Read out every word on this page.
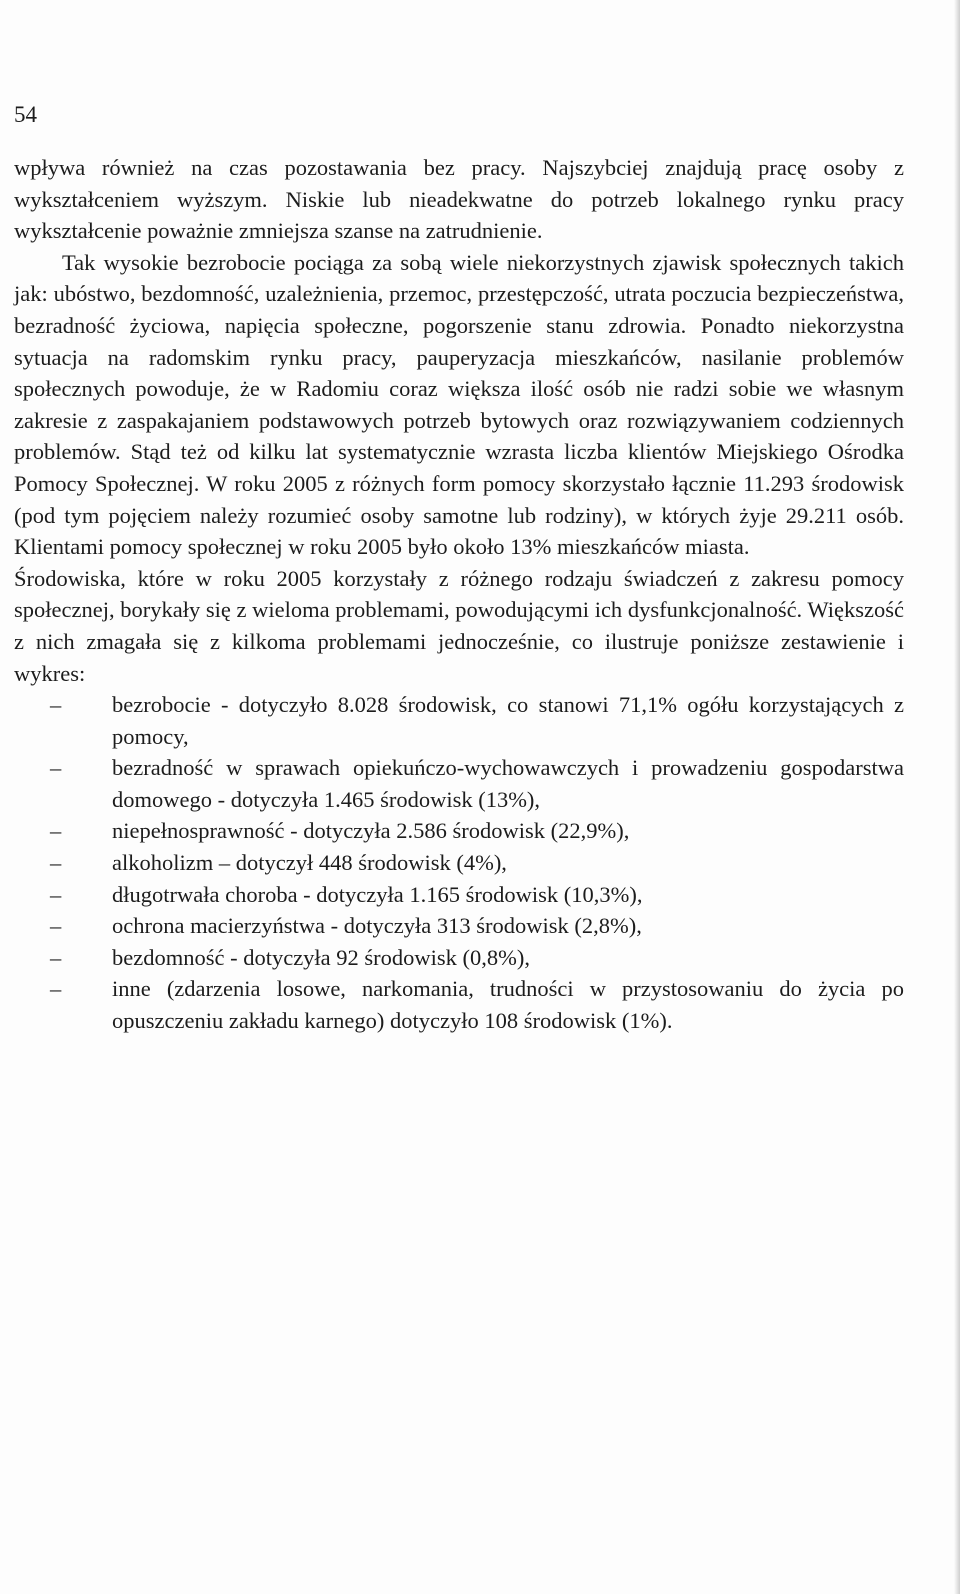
54

wpływa również na czas pozostawania bez pracy. Najszybciej znajdują pracę osoby z wykształceniem wyższym. Niskie lub nieadekwatne do potrzeb lokalnego rynku pracy wykształcenie poważnie zmniejsza szanse na zatrudnienie.

Tak wysokie bezrobocie pociąga za sobą wiele niekorzystnych zjawisk społecznych takich jak: ubóstwo, bezdomność, uzależnienia, przemoc, przestępczość, utrata poczucia bezpieczeństwa, bezradność życiowa, napięcia społeczne, pogorszenie stanu zdrowia. Ponadto niekorzystna sytuacja na radomskim rynku pracy, pauperyzacja mieszkańców, nasilanie problemów społecznych powoduje, że w Radomiu coraz większa ilość osób nie radzi sobie we własnym zakresie z zaspakajaniem podstawowych potrzeb bytowych oraz rozwiązywaniem codziennych problemów. Stąd też od kilku lat systematycznie wzrasta liczba klientów Miejskiego Ośrodka Pomocy Społecznej. W roku 2005 z różnych form pomocy skorzystało łącznie 11.293 środowisk (pod tym pojęciem należy rozumieć osoby samotne lub rodziny), w których żyje 29.211 osób. Klientami pomocy społecznej w roku 2005 było około 13% mieszkańców miasta.

Środowiska, które w roku 2005 korzystały z różnego rodzaju świadczeń z zakresu pomocy społecznej, borykały się z wieloma problemami, powodującymi ich dysfunkcjonalność. Większość z nich zmagała się z kilkoma problemami jednocześnie, co ilustruje poniższe zestawienie i wykres:

– bezrobocie - dotyczyło 8.028 środowisk, co stanowi 71,1% ogółu korzystających z pomocy,
– bezradność w sprawach opiekuńczo-wychowawczych i prowadzeniu gospodarstwa domowego - dotyczyła 1.465 środowisk (13%),
– niepełnosprawność - dotyczyła 2.586 środowisk (22,9%),
– alkoholizm – dotyczył 448 środowisk (4%),
– długotrwała choroba - dotyczyła 1.165 środowisk (10,3%),
– ochrona macierzyństwa - dotyczyła 313 środowisk (2,8%),
– bezdomność - dotyczyła 92 środowisk (0,8%),
– inne (zdarzenia losowe, narkomania, trudności w przystosowaniu do życia po opuszczeniu zakładu karnego) dotyczyło 108 środowisk (1%).
